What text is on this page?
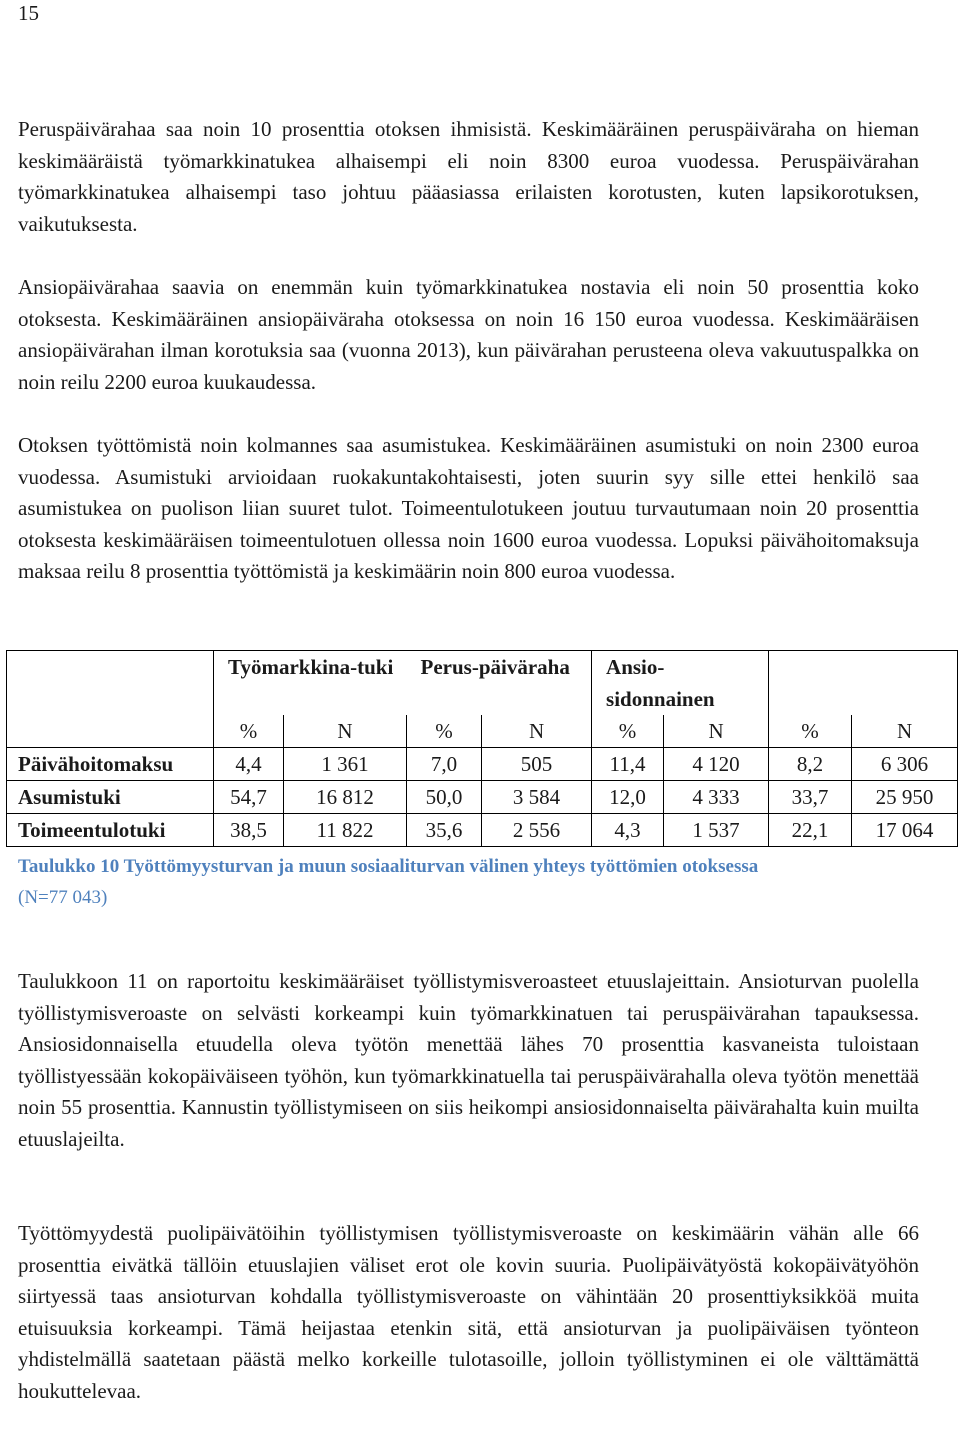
15

Peruspäivärahaa saa noin 10 prosenttia otoksen ihmisistä. Keskimääräinen peruspäiväraha on hieman keskimääräistä työmarkkinatukea alhaisempi eli noin 8300 euroa vuodessa. Peruspäivärahan työmarkkinatukea alhaisempi taso johtuu pääasiassa erilaisten korotusten, kuten lapsikorotuksen, vaikutuksesta.

Ansiopäivärahaa saavia on enemmän kuin työmarkkinatukea nostavia eli noin 50 prosenttia koko otoksesta. Keskimääräinen ansiopäiväraha otoksessa on noin 16 150 euroa vuodessa. Keskimääräisen ansiopäivärahan ilman korotuksia saa (vuonna 2013), kun päivärahan perusteena oleva vakuutuspalkka on noin reilu 2200 euroa kuukaudessa.

Otoksen työttömistä noin kolmannes saa asumistukea. Keskimääräinen asumistuki on noin 2300 euroa vuodessa. Asumistuki arvioidaan ruokakuntakohtaisesti, joten suurin syy sille ettei henkilö saa asumistukea on puolison liian suuret tulot. Toimeentulotukeen joutuu turvautumaan noin 20 prosenttia otoksesta keskimääräisen toimeentulotuen ollessa noin 1600 euroa vuodessa. Lopuksi päivähoitomaksuja maksaa reilu 8 prosenttia työttömistä ja keskimäärin noin 800 euroa vuodessa.

	Työmarkkina-tuki		Perus-päiväraha		Ansio-sidonnainen			
	%	N	%	N	%	N	%	N
Päivähoitomaksu	4,4	1 361	7,0	505	11,4	4 120	8,2	6 306
Asumistuki	54,7	16 812	50,0	3 584	12,0	4 333	33,7	25 950
Toimeentulotuki	38,5	11 822	35,6	2 556	4,3	1 537	22,1	17 064

Taulukko 10 Työttömyysturvan ja muun sosiaaliturvan välinen yhteys työttömien otoksessa
(N=77 043)

Taulukkoon 11 on raportoitu keskimääräiset työllistymisveroasteet etuuslajeittain. Ansioturvan puolella työllistymisveroaste on selvästi korkeampi kuin työmarkkinatuen tai peruspäivärahan tapauksessa. Ansiosidonnaisella etuudella oleva työtön menettää lähes 70 prosenttia kasvaneista tuloistaan työllistyessään kokopäiväiseen työhön, kun työmarkkinatuella tai peruspäivärahalla oleva työtön menettää noin 55 prosenttia. Kannustin työllistymiseen on siis heikompi ansiosidonnaiselta päivärahalta kuin muilta etuuslajeilta.

Työttömyydestä puolipäivätöihin työllistymisen työllistymisveroaste on keskimäärin vähän alle 66 prosenttia eivätkä tällöin etuuslajien väliset erot ole kovin suuria. Puolipäivätyöstä kokopäivätyöhön siirtyessä taas ansioturvan kohdalla työllistymisveroaste on vähintään 20 prosenttiyksikköä muita etuisuuksia korkeampi. Tämä heijastaa etenkin sitä, että ansioturvan ja puolipäiväisen työnteon yhdistelmällä saatetaan päästä melko korkeille tulotasoille, jolloin työllistyminen ei ole välttämättä houkuttelevaa.
